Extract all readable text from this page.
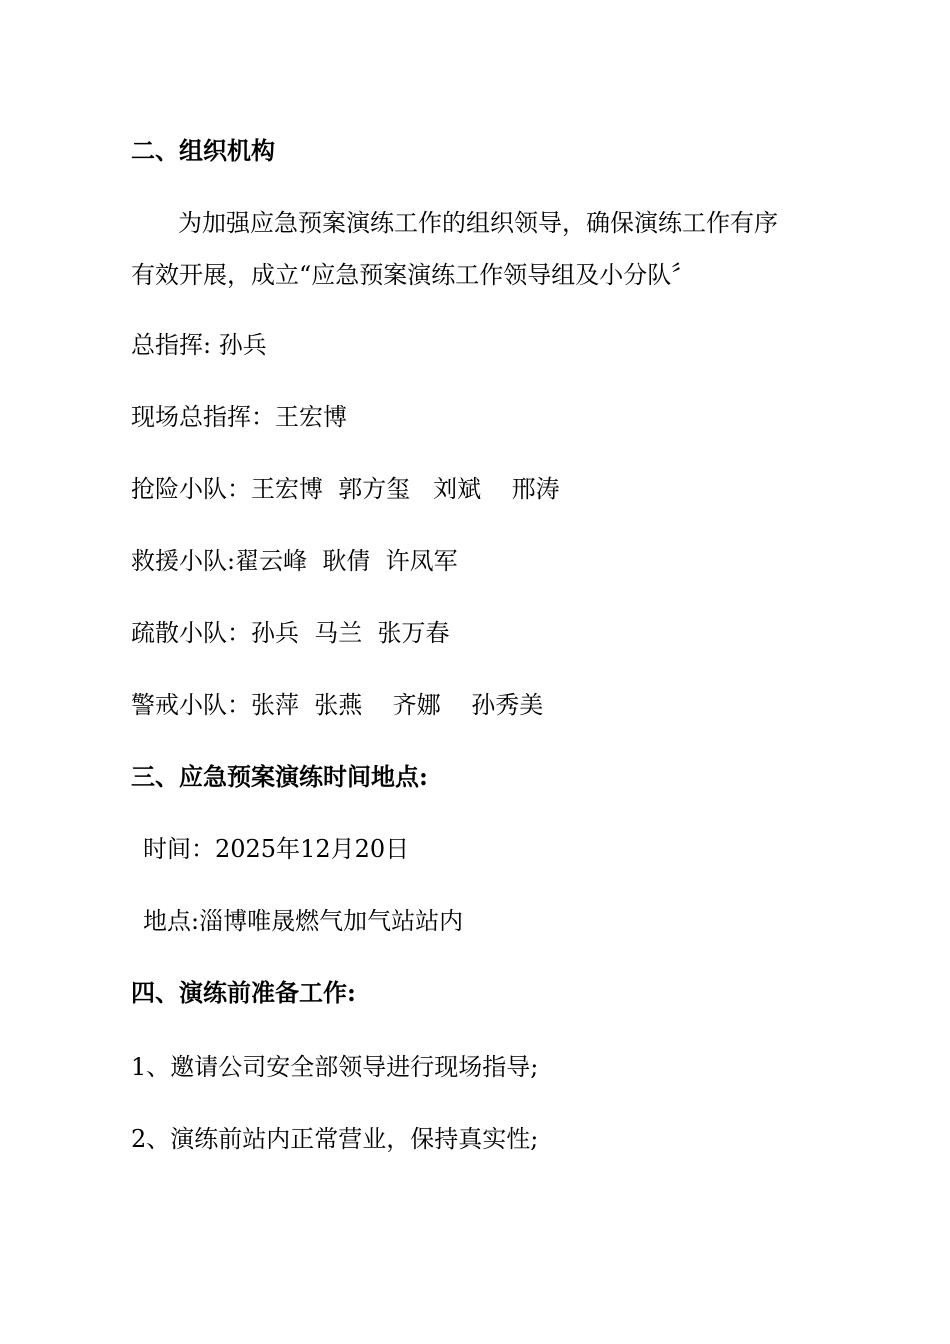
二、组织机构

为加强应急预案演练工作的组织领导，确保演练工作有序

有效开展，成立“应急预案演练工作领导组及小分队〞

总指挥: 孙兵

现场总指挥：王宏博

抢险小队：王宏博  郭方玺   刘斌    邢涛

救援小队:翟云峰  耿倩  许凤军

疏散小队：孙兵  马兰  张万春

警戒小队：张萍  张燕    齐娜    孙秀美

三、应急预案演练时间地点:

时间：2025年12月20日

地点:淄博唯晟燃气加气站站内

四、演练前准备工作:

1、邀请公司安全部领导进行现场指导;

2、演练前站内正常营业，保持真实性;
